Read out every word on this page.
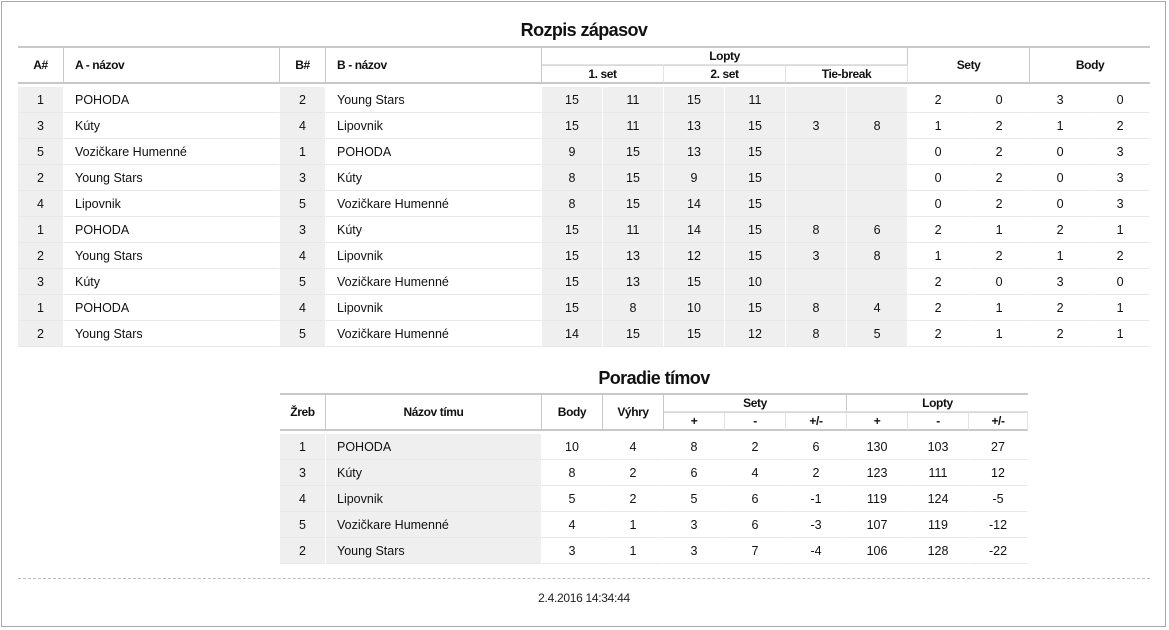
Rozpis zápasov
A#	A - názov	B#	B - názov	Lopty						Sety		Body	
				1. set		2. set		Tie-break					
1	POHODA	2	Young Stars	15	11	15	11			2	0	3	0
3	Kúty	4	Lipovnik	15	11	13	15	3	8	1	2	1	2
5	Vozičkare Humenné	1	POHODA	9	15	13	15			0	2	0	3
2	Young Stars	3	Kúty	8	15	9	15			0	2	0	3
4	Lipovnik	5	Vozičkare Humenné	8	15	14	15			0	2	0	3
1	POHODA	3	Kúty	15	11	14	15	8	6	2	1	2	1
2	Young Stars	4	Lipovnik	15	13	12	15	3	8	1	2	1	2
3	Kúty	5	Vozičkare Humenné	15	13	15	10			2	0	3	0
1	POHODA	4	Lipovnik	15	8	10	15	8	4	2	1	2	1
2	Young Stars	5	Vozičkare Humenné	14	15	15	12	8	5	2	1	2	1
Poradie tímov
Žreb	Názov tímu	Body	Výhry	Sety			Lopty		
				+	-	+/-	+	-	+/-
1	POHODA	10	4	8	2	6	130	103	27
3	Kúty	8	2	6	4	2	123	111	12
4	Lipovnik	5	2	5	6	-1	119	124	-5
5	Vozičkare Humenné	4	1	3	6	-3	107	119	-12
2	Young Stars	3	1	3	7	-4	106	128	-22
2.4.2016 14:34:44
